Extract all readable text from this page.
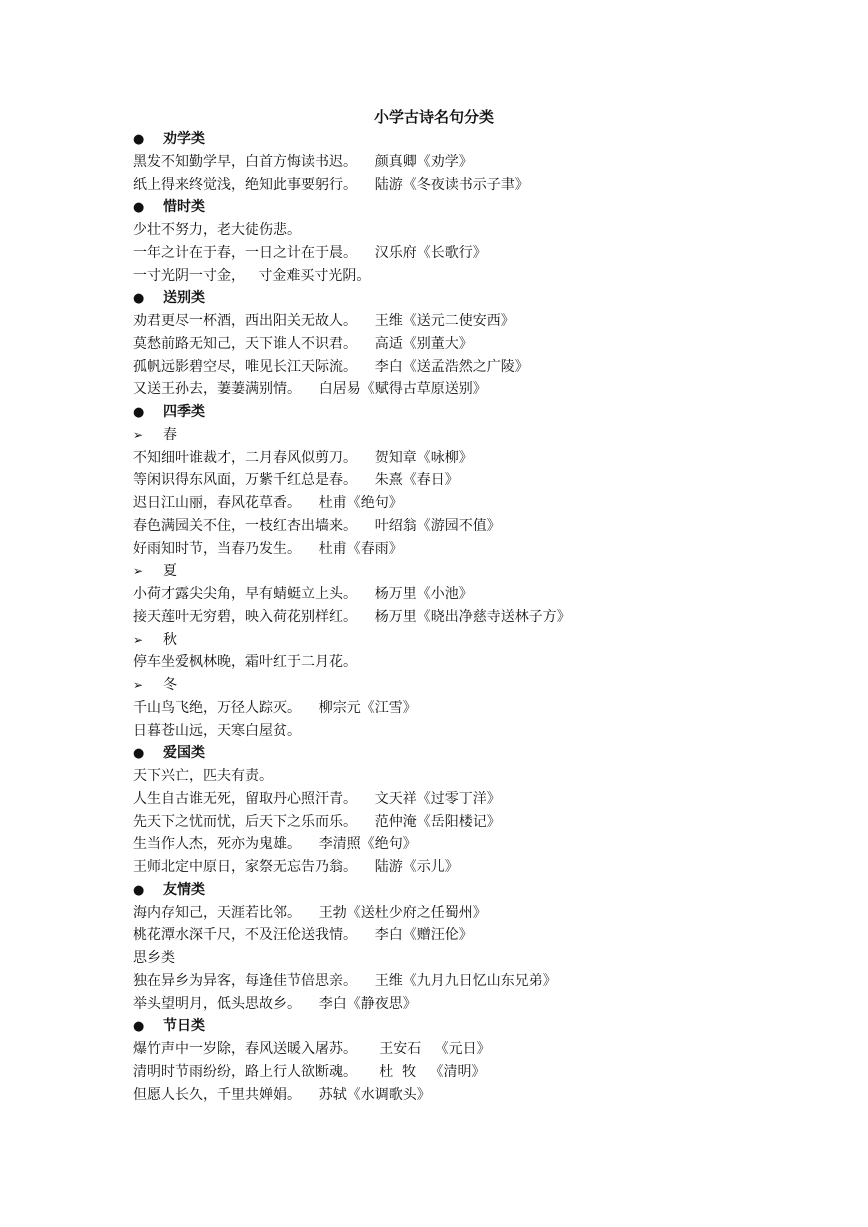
小学古诗名句分类
● 劝学类
黑发不知勤学早，白首方悔读书迟。    颜真卿《劝学》
纸上得来终觉浅，绝知此事要躬行。    陆游《冬夜读书示子聿》
● 惜时类
少壮不努力，老大徒伤悲。
一年之计在于春，一日之计在于晨。    汉乐府《长歌行》
一寸光阴一寸金，   寸金难买寸光阴。
● 送别类
劝君更尽一杯酒，西出阳关无故人。    王维《送元二使安西》
莫愁前路无知己，天下谁人不识君。    高适《别董大》
孤帆远影碧空尽，唯见长江天际流。    李白《送孟浩然之广陵》
又送王孙去，萋萋满别情。    白居易《赋得古草原送别》
● 四季类
➢ 春
不知细叶谁裁才，二月春风似剪刀。    贺知章《咏柳》
等闲识得东风面，万紫千红总是春。    朱熹《春日》
迟日江山丽，春风花草香。    杜甫《绝句》
春色满园关不住，一枝红杏出墙来。    叶绍翁《游园不值》
好雨知时节，当春乃发生。    杜甫《春雨》
➢ 夏
小荷才露尖尖角，早有蜻蜓立上头。    杨万里《小池》
接天莲叶无穷碧，映入荷花别样红。    杨万里《晓出净慈寺送林子方》
➢ 秋
停车坐爱枫林晚，霜叶红于二月花。
➢ 冬
千山鸟飞绝，万径人踪灭。    柳宗元《江雪》
日暮苍山远，天寒白屋贫。
● 爱国类
天下兴亡，匹夫有责。
人生自古谁无死，留取丹心照汗青。    文天祥《过零丁洋》
先天下之忧而忧，后天下之乐而乐。    范仲淹《岳阳楼记》
生当作人杰，死亦为鬼雄。    李清照《绝句》
王师北定中原日，家祭无忘告乃翁。    陆游《示儿》
● 友情类
海内存知己，天涯若比邻。    王勃《送杜少府之任蜀州》
桃花潭水深千尺，不及汪伦送我情。    李白《赠汪伦》
思乡类
独在异乡为异客，每逢佳节倍思亲。    王维《九月九日忆山东兄弟》
举头望明月，低头思故乡。    李白《静夜思》
● 节日类
爆竹声中一岁除，春风送暖入屠苏。     王安石   《元日》
清明时节雨纷纷，路上行人欲断魂。     杜  牧   《清明》
但愿人长久，千里共婵娟。    苏轼《水调歌头》
